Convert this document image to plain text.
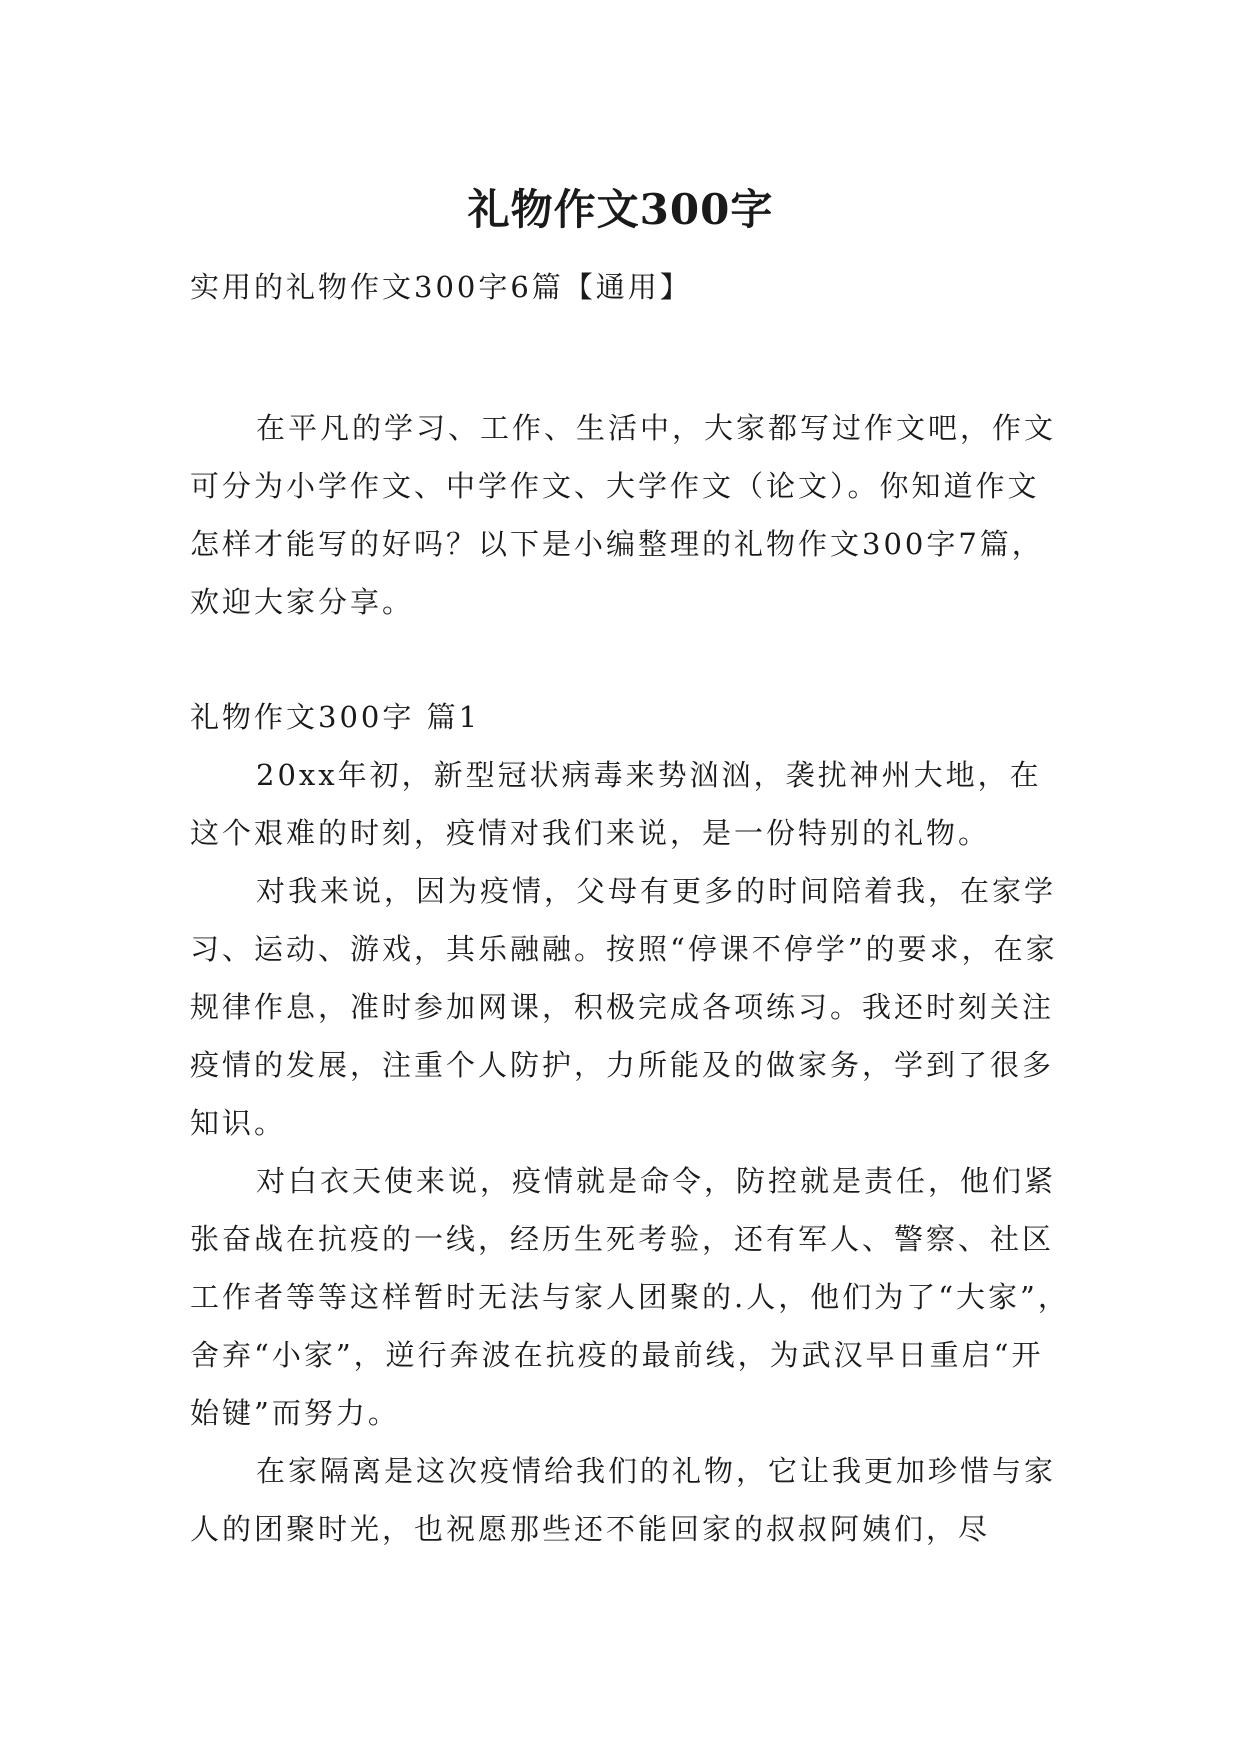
礼物作文300字

实用的礼物作文300字6篇【通用】

在平凡的学习、工作、生活中，大家都写过作文吧，作文可分为小学作文、中学作文、大学作文（论文）。你知道作文怎样才能写的好吗？以下是小编整理的礼物作文300字7篇，欢迎大家分享。

礼物作文300字 篇1

20xx年初，新型冠状病毒来势汹汹，袭扰神州大地，在这个艰难的时刻，疫情对我们来说，是一份特别的礼物。

对我来说，因为疫情，父母有更多的时间陪着我，在家学习、运动、游戏，其乐融融。按照“停课不停学”的要求，在家规律作息，准时参加网课，积极完成各项练习。我还时刻关注疫情的发展，注重个人防护，力所能及的做家务，学到了很多知识。

对白衣天使来说，疫情就是命令，防控就是责任，他们紧张奋战在抗疫的一线，经历生死考验，还有军人、警察、社区工作者等等这样暂时无法与家人团聚的.人，他们为了“大家”，舍弃“小家”，逆行奔波在抗疫的最前线，为武汉早日重启“开始键”而努力。

在家隔离是这次疫情给我们的礼物，它让我更加珍惜与家人的团聚时光，也祝愿那些还不能回家的叔叔阿姨们，尽
